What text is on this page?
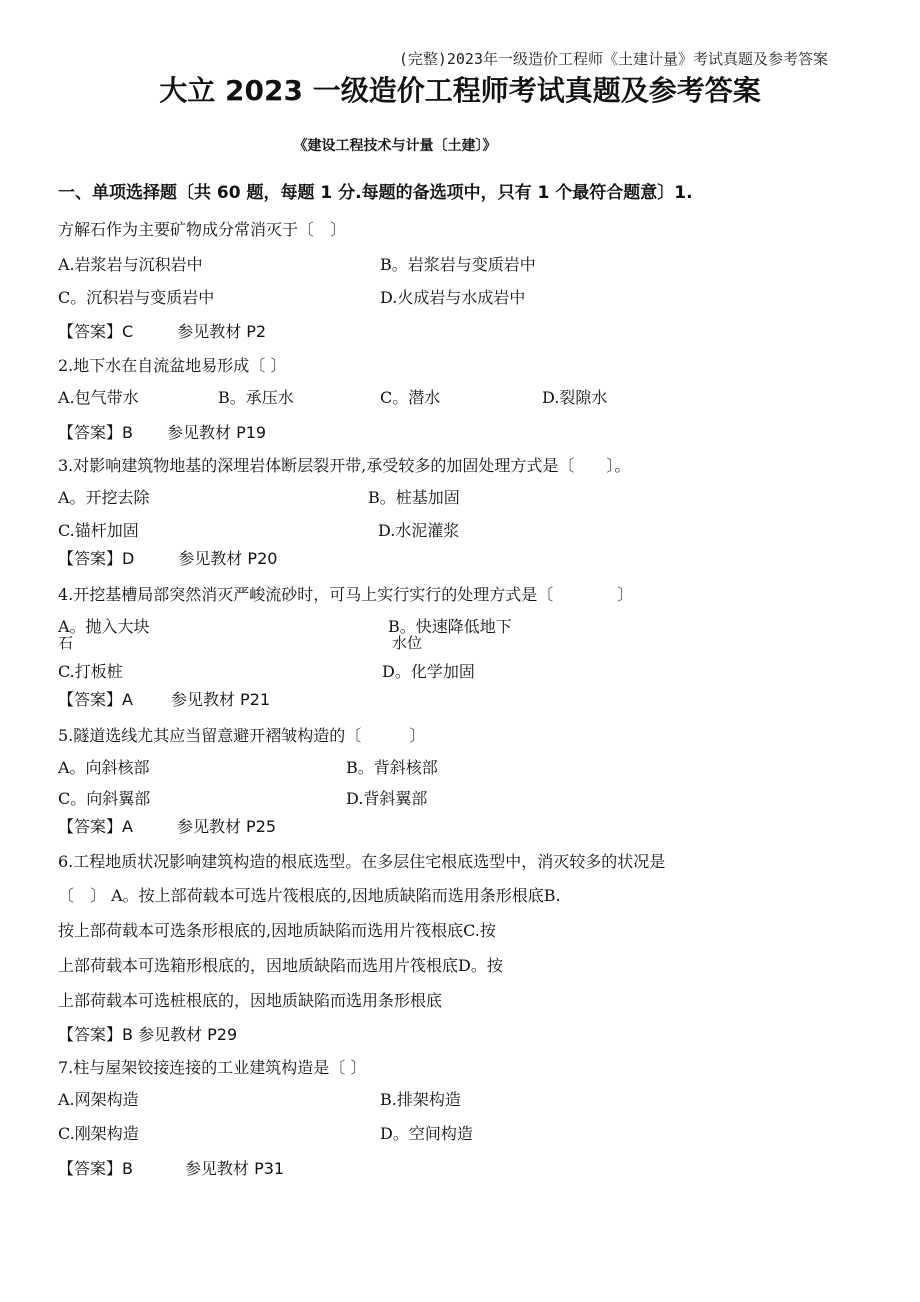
(完整)2023年一级造价工程师《土建计量》考试真题及参考答案
大立 2023 一级造价工程师考试真题及参考答案
《建设工程技术与计量〔土建〕》
一、单项选择题〔共 60 题，每题 1 分.每题的备选项中，只有 1 个最符合题意〕1.
方解石作为主要矿物成分常消灭于〔　〕
A.岩浆岩与沉积岩中	B。岩浆岩与变质岩中
C。沉积岩与变质岩中	D.火成岩与水成岩中
【答案】C	参见教材 P2
2.地下水在自流盆地易形成〔 〕
A.包气带水	B。承压水	C。潜水	D.裂隙水
【答案】B 参见教材 P19
3.对影响建筑物地基的深埋岩体断层裂开带,承受较多的加固处理方式是〔　　〕。
A。开挖去除	B。桩基加固
C.锚杆加固	D.水泥灌浆
【答案】D	参见教材 P20
4.开挖基槽局部突然消灭严峻流砂时，可马上实行实行的处理方式是〔　　　　〕
A。抛入大块
石
B。快速降低地下
水位
C.打板桩	D。化学加固
【答案】A 参见教材 P21
5.隧道选线尤其应当留意避开褶皱构造的〔　　　〕
A。向斜核部	B。背斜核部
C。向斜翼部	D.背斜翼部
【答案】A	参见教材 P25
6.工程地质状况影响建筑构造的根底选型。在多层住宅根底选型中，消灭较多的状况是
〔　〕 A。按上部荷载本可选片筏根底的,因地质缺陷而选用条形根底B.
按上部荷载本可选条形根底的,因地质缺陷而选用片筏根底C.按
上部荷载本可选箱形根底的，因地质缺陷而选用片筏根底D。按
上部荷载本可选桩根底的，因地质缺陷而选用条形根底
【答案】B 参见教材 P29
7.柱与屋架铰接连接的工业建筑构造是〔 〕
A.网架构造	B.排架构造
C.刚架构造	D。空间构造
【答案】B	参见教材 P31
